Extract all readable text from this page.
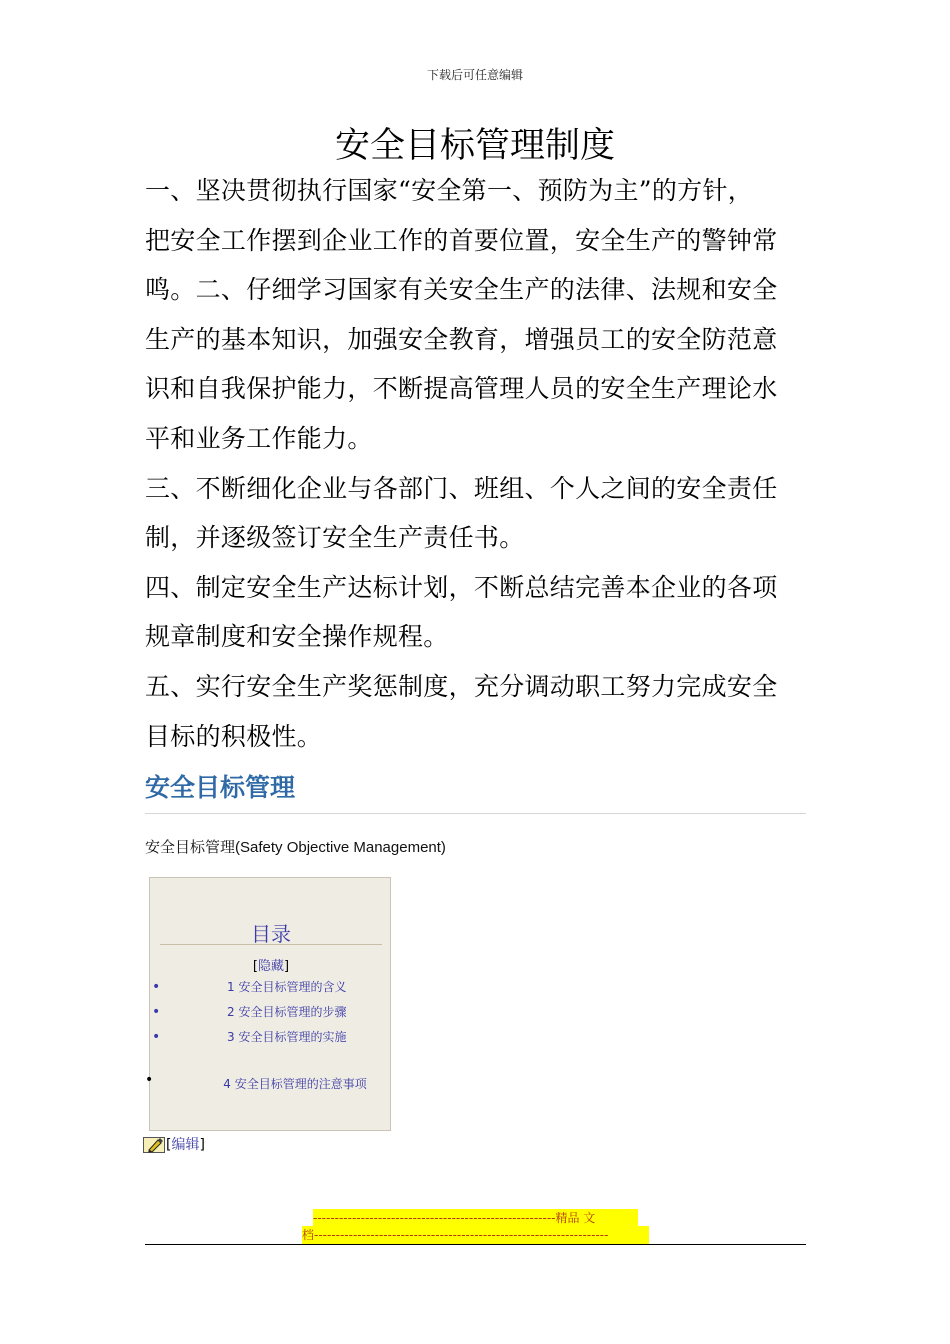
下载后可任意编辑
安全目标管理制度
一、坚决贯彻执行国家“安全第一、预防为主”的方针，
把安全工作摆到企业工作的首要位置，安全生产的警钟常
鸣。二、仔细学习国家有关安全生产的法律、法规和安全
生产的基本知识，加强安全教育，增强员工的安全防范意
识和自我保护能力，不断提高管理人员的安全生产理论水
平和业务工作能力。
三、不断细化企业与各部门、班组、个人之间的安全责任
制，并逐级签订安全生产责任书。
四、制定安全生产达标计划，不断总结完善本企业的各项
规章制度和安全操作规程。
五、实行安全生产奖惩制度，充分调动职工努力完成安全
目标的积极性。
安全目标管理
安全目标管理(Safety Objective Management)
目录
[隐藏]
•	1 安全目标管理的含义
•	2 安全目标管理的步骤
•	3 安全目标管理的实施
•	4 安全目标管理的注意事项
[编辑]
--------------------------------------------------------精品 文
档--------------------------------------------------------------------
